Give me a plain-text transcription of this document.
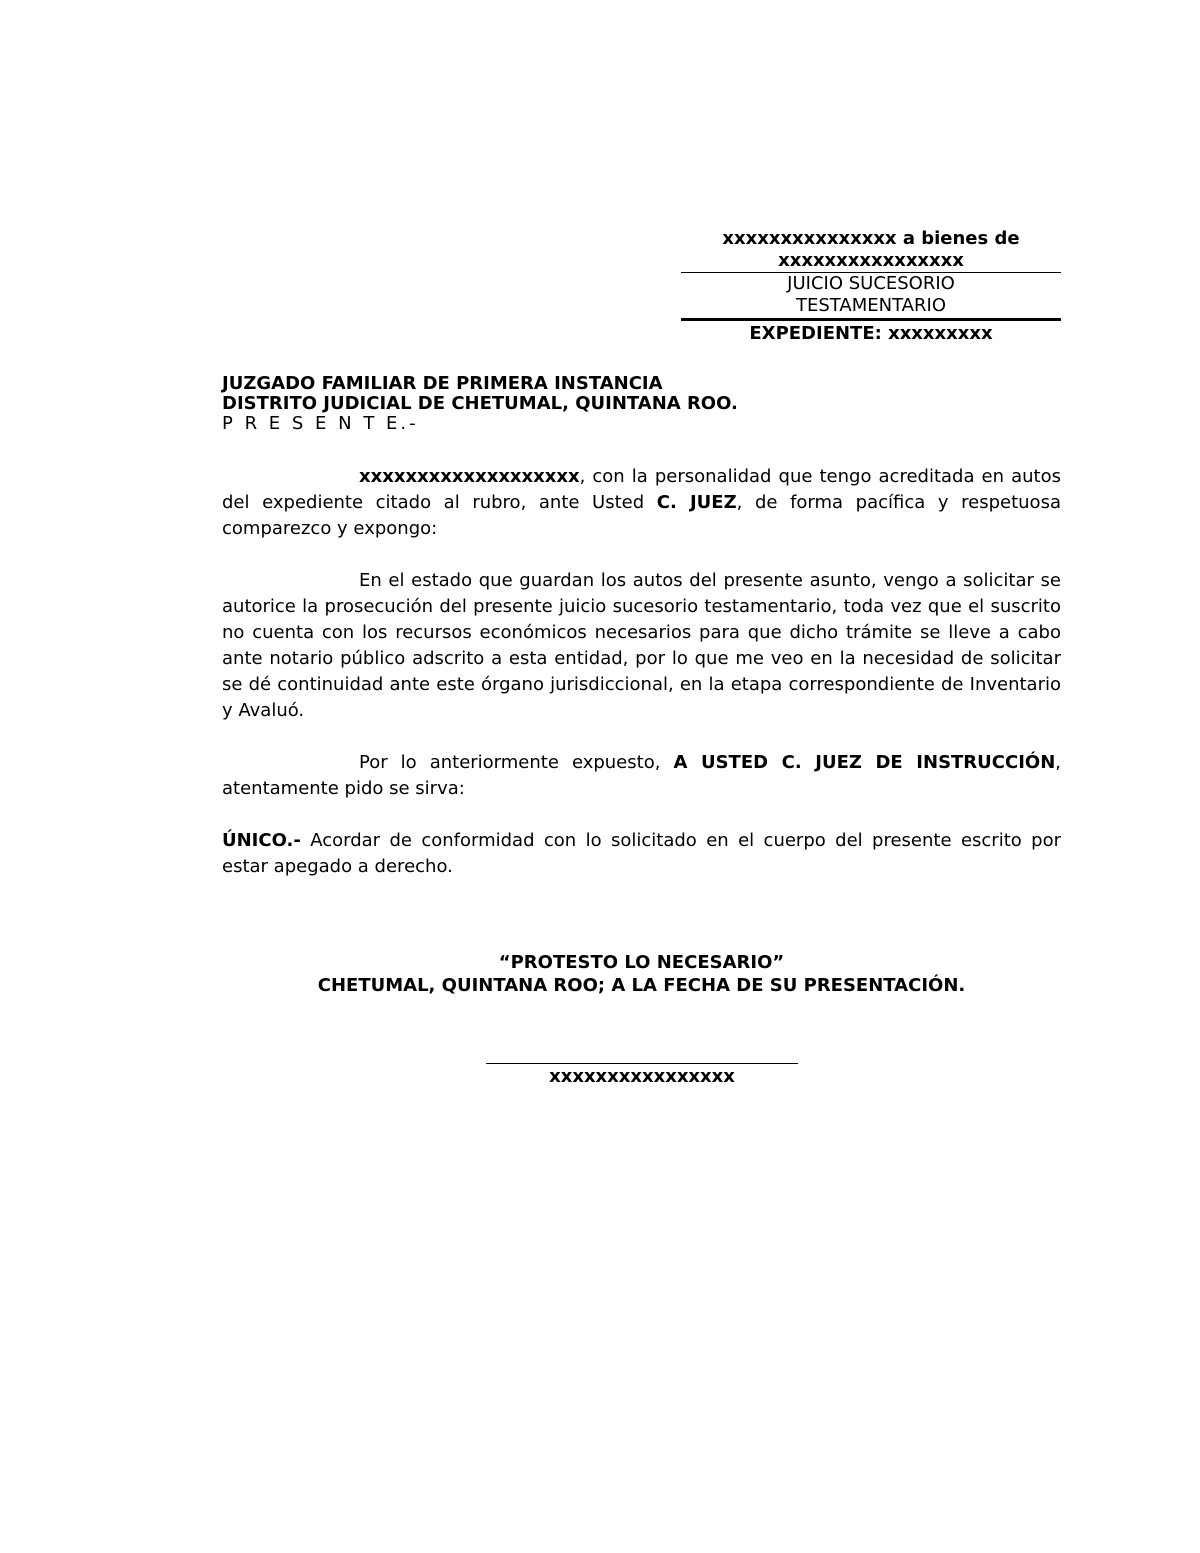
xxxxxxxxxxxxxxx a bienes de
xxxxxxxxxxxxxxxx
JUICIO SUCESORIO
TESTAMENTARIO
EXPEDIENTE: xxxxxxxxx
JUZGADO FAMILIAR DE PRIMERA INSTANCIA
DISTRITO JUDICIAL DE CHETUMAL, QUINTANA ROO.
P R E S E N T E.-

xxxxxxxxxxxxxxxxxxx, con la personalidad que tengo acreditada en autos del expediente citado al rubro, ante Usted C. JUEZ, de forma pacífica y respetuosa comparezco y expongo:

En el estado que guardan los autos del presente asunto, vengo a solicitar se autorice la prosecución del presente juicio sucesorio testamentario, toda vez que el suscrito no cuenta con los recursos económicos necesarios para que dicho trámite se lleve a cabo ante notario público adscrito a esta entidad, por lo que me veo en la necesidad de solicitar se dé continuidad ante este órgano jurisdiccional, en la etapa correspondiente de Inventario y Avaluó.

Por lo anteriormente expuesto, A USTED C. JUEZ DE INSTRUCCIÓN, atentamente pido se sirva:

ÚNICO.- Acordar de conformidad con lo solicitado en el cuerpo del presente escrito por estar apegado a derecho.

“PROTESTO LO NECESARIO”
CHETUMAL, QUINTANA ROO; A LA FECHA DE SU PRESENTACIÓN.
xxxxxxxxxxxxxxxx
